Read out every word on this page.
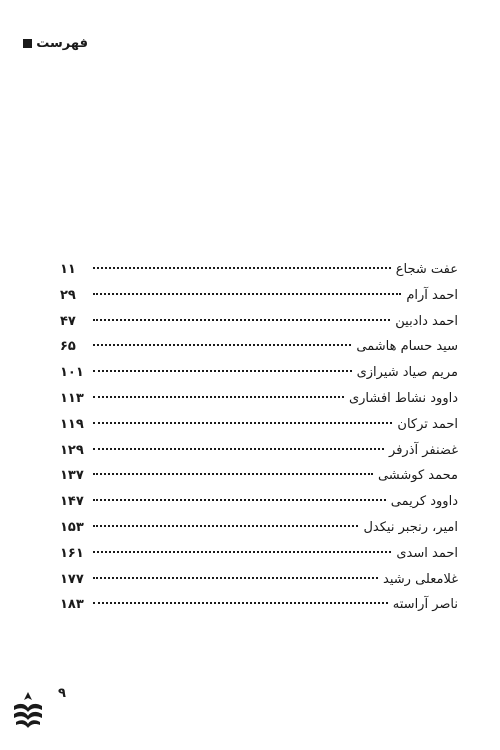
فهرست
عفت شجاع
۱۱
احمد آرام
۲۹
احمد دادبین
۴۷
سید حسام هاشمی
۶۵
مریم صیاد شیرازی
۱۰۱
داوود نشاط افشاری
۱۱۳
احمد ترکان
۱۱۹
غضنفر آذرفر
۱۲۹
محمد کوششی
۱۳۷
داوود کریمی
۱۴۷
امیر، رنجبر نیکدل
۱۵۳
احمد اسدی
۱۶۱
غلامعلی رشید
۱۷۷
ناصر آراسته
۱۸۳
۹
